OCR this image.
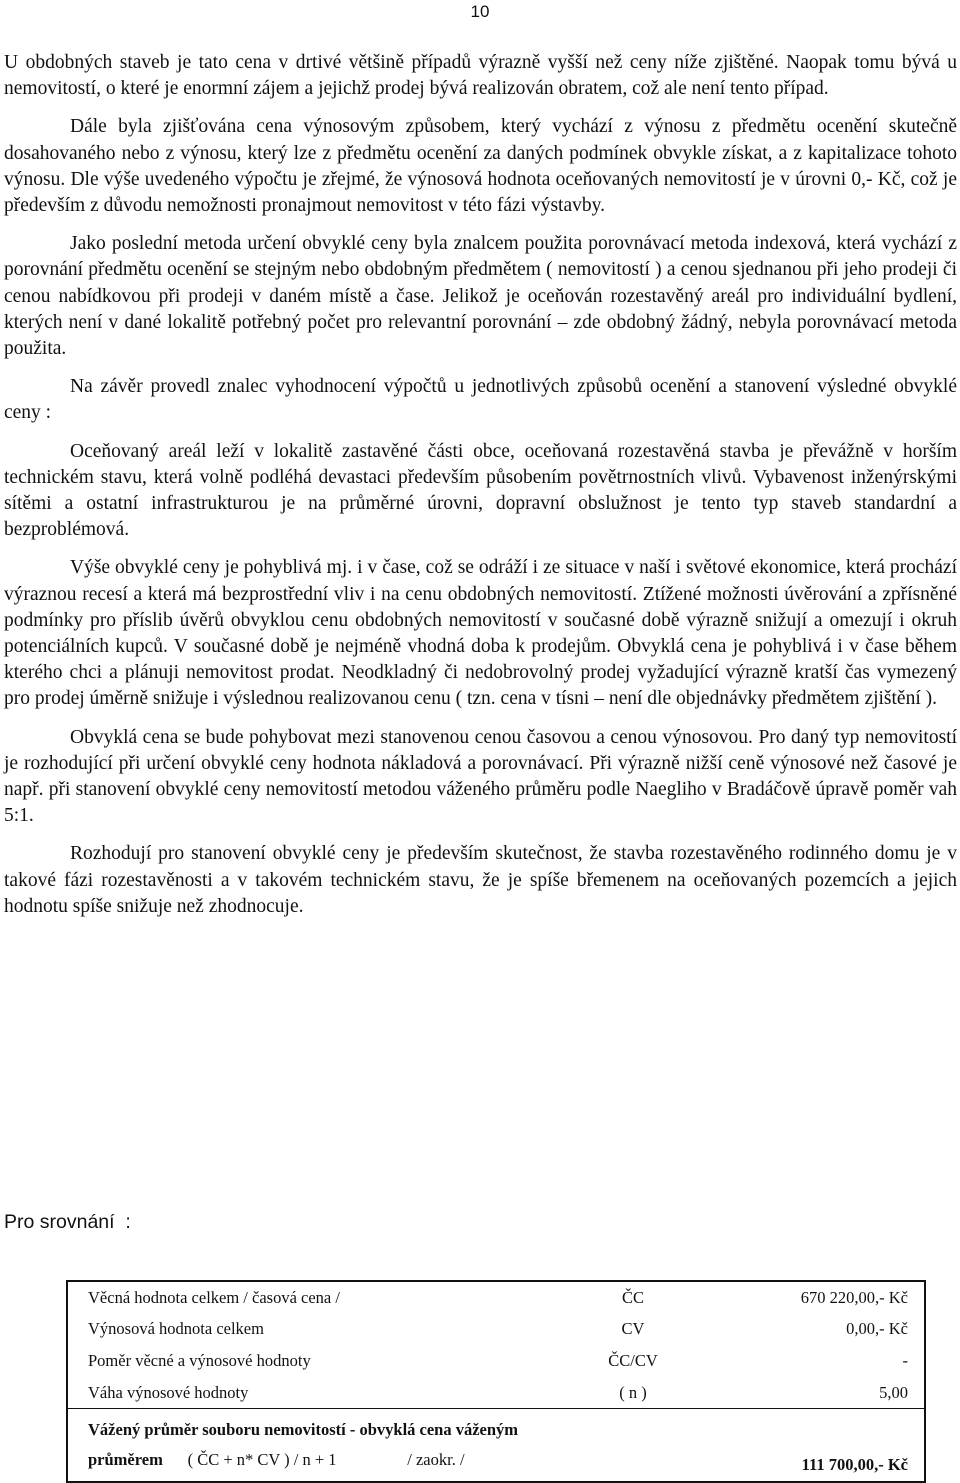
10

U obdobných staveb je tato cena v drtivé většině případů výrazně vyšší než ceny níže zjištěné. Naopak tomu bývá u nemovitostí, o které je enormní zájem a jejichž prodej bývá realizován obratem, což ale není tento případ.

Dále byla zjišťována cena výnosovým způsobem, který vychází z výnosu z předmětu ocenění skutečně dosahovaného nebo z výnosu, který lze z předmětu ocenění za daných podmínek obvykle získat, a z kapitalizace tohoto výnosu. Dle výše uvedeného výpočtu je zřejmé, že výnosová hodnota oceňovaných nemovitostí je v úrovni 0,- Kč, což je především z důvodu nemožnosti pronajmout nemovitost v této fázi výstavby.

Jako poslední metoda určení obvyklé ceny byla znalcem použita porovnávací metoda indexová, která vychází z porovnání předmětu ocenění se stejným nebo obdobným předmětem ( nemovitostí ) a cenou sjednanou při jeho prodeji či cenou nabídkovou při prodeji v daném místě a čase. Jelikož je oceňován rozestavěný areál pro individuální bydlení, kterých není v dané lokalitě potřebný počet pro relevantní porovnání – zde obdobný žádný, nebyla porovnávací metoda použita.

Na závěr provedl znalec vyhodnocení výpočtů u jednotlivých způsobů ocenění a stanovení výsledné obvyklé ceny :

Oceňovaný areál leží v lokalitě zastavěné části obce, oceňovaná rozestavěná stavba je převážně v horším technickém stavu, která volně podléhá devastaci především působením povětrnostních vlivů. Vybavenost inženýrskými sítěmi a ostatní infrastrukturou je na průměrné úrovni, dopravní obslužnost je tento typ staveb standardní a bezproblémová.

Výše obvyklé ceny je pohyblivá mj. i v čase, což se odráží i ze situace v naší i světové ekonomice, která prochází výraznou recesí a která má bezprostřední vliv i na cenu obdobných nemovitostí. Ztížené možnosti úvěrování a zpřísněné podmínky pro příslib úvěrů obvyklou cenu obdobných nemovitostí v současné době výrazně snižují a omezují i okruh potenciálních kupců. V současné době je nejméně vhodná doba k prodejům. Obvyklá cena je pohyblivá i v čase během kterého chci a plánuji nemovitost prodat. Neodkladný či nedobrovolný prodej vyžadující výrazně kratší čas vymezený pro prodej úměrně snižuje i výslednou realizovanou cenu ( tzn. cena v tísni – není dle objednávky předmětem zjištění ).

Obvyklá cena se bude pohybovat mezi stanovenou cenou časovou a cenou výnosovou. Pro daný typ nemovitostí je rozhodující při určení obvyklé ceny hodnota nákladová a porovnávací. Při výrazně nižší ceně výnosové než časové je např. při stanovení obvyklé ceny nemovitostí metodou váženého průměru podle Naegliho v Bradáčově úpravě poměr vah 5:1.

Rozhodují pro stanovení obvyklé ceny je především skutečnost, že stavba rozestavěného rodinného domu je v takové fázi rozestavěnosti a v takovém technickém stavu, že je spíše břemenem na oceňovaných pozemcích a jejich hodnotu spíše snižuje než zhodnocuje.

Pro srovnání  :
Věcná hodnota celkem / časová cena /	ČC	670 220,00,- Kč
Výnosová hodnota celkem	CV	0,00,- Kč
Poměr věcné a výnosové hodnoty	ČC/CV	-
Váha výnosové hodnoty	( n )	5,00

Vážený průměr souboru nemovitostí - obvyklá cena váženým
průměrem ( ČC + n* CV ) / n + 1 / zaokr. /		111 700,00,- Kč
